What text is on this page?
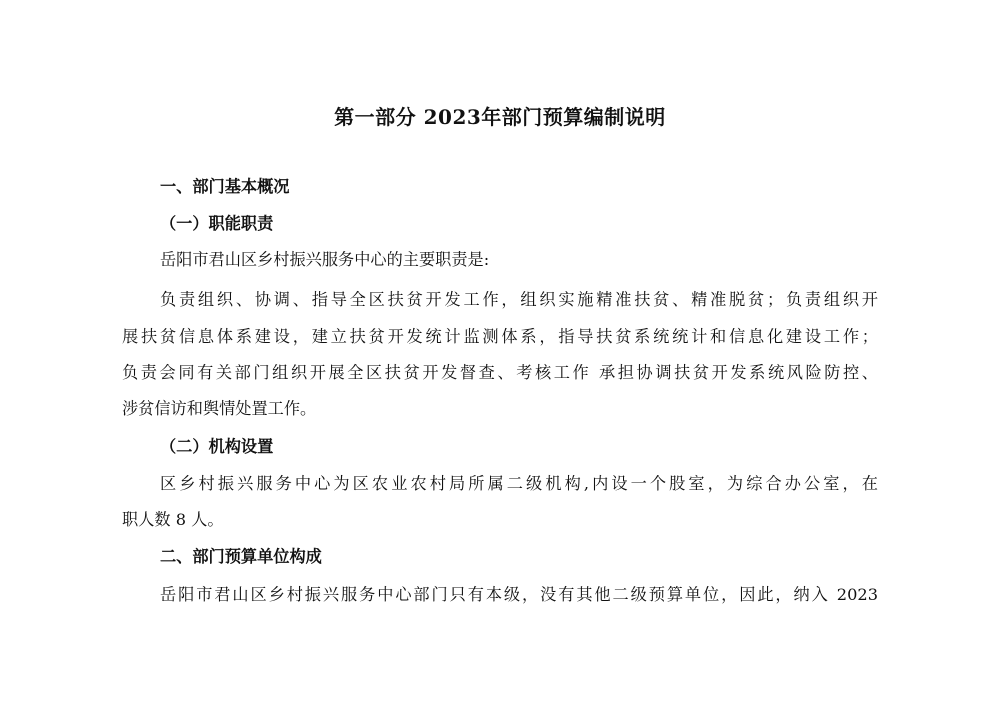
第一部分 2023年部门预算编制说明
一、部门基本概况
（一）职能职责
岳阳市君山区乡村振兴服务中心的主要职责是:
负责组织、协调、指导全区扶贫开发工作，组织实施精准扶贫、精准脱贫；负责组织开
展扶贫信息体系建设，建立扶贫开发统计监测体系，指导扶贫系统统计和信息化建设工作；
负责会同有关部门组织开展全区扶贫开发督查、考核工作 承担协调扶贫开发系统风险防控、
涉贫信访和舆情处置工作。
（二）机构设置
区乡村振兴服务中心为区农业农村局所属二级机构,内设一个股室，为综合办公室，在
职人数 8 人。
二、部门预算单位构成
岳阳市君山区乡村振兴服务中心部门只有本级，没有其他二级预算单位，因此，纳入 2023
